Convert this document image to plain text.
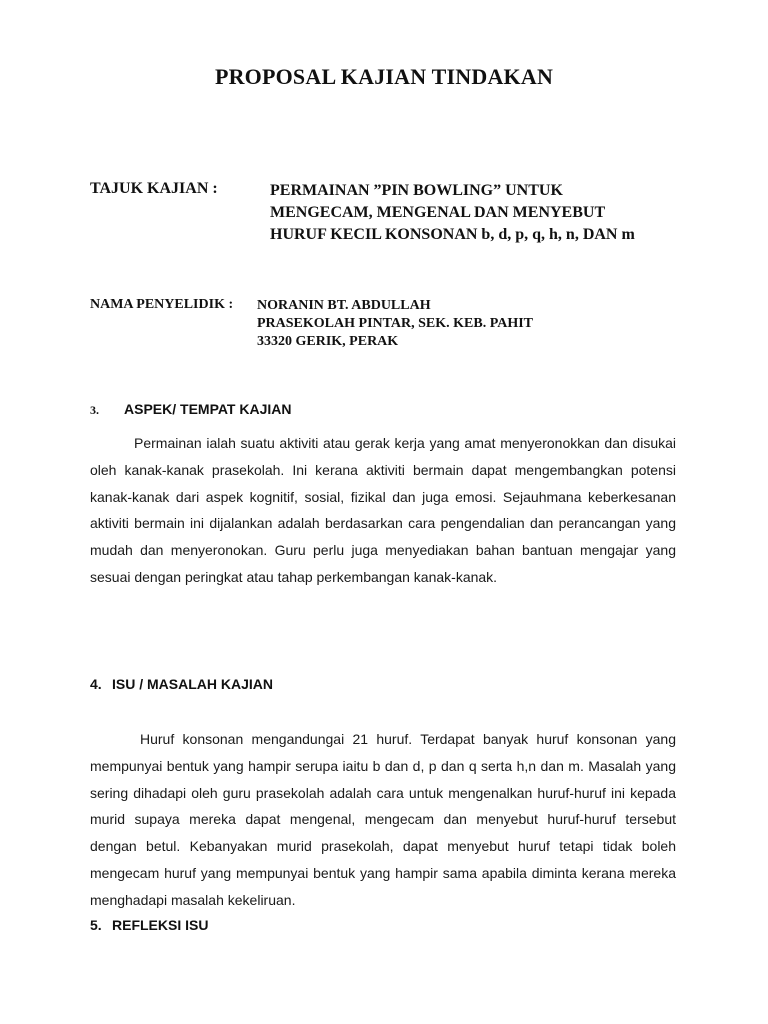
PROPOSAL KAJIAN TINDAKAN
TAJUK KAJIAN :	PERMAINAN ”PIN BOWLING” UNTUK
MENGECAM, MENGENAL DAN MENYEBUT
HURUF KECIL KONSONAN b, d, p, q, h, n, DAN m
NAMA PENYELIDIK : NORANIN BT. ABDULLAH
PRASEKOLAH PINTAR, SEK. KEB. PAHIT
33320 GERIK, PERAK
3. ASPEK/ TEMPAT KAJIAN
Permainan ialah suatu aktiviti atau gerak kerja yang amat menyeronokkan dan disukai oleh kanak-kanak prasekolah. Ini kerana aktiviti bermain dapat mengembangkan potensi kanak-kanak dari aspek kognitif, sosial, fizikal dan juga emosi. Sejauhmana keberkesanan aktiviti bermain ini dijalankan adalah berdasarkan cara pengendalian dan perancangan yang mudah dan menyeronokan. Guru perlu juga menyediakan bahan bantuan mengajar yang sesuai dengan peringkat atau tahap perkembangan kanak-kanak.
4. ISU / MASALAH KAJIAN
Huruf konsonan mengandungai 21 huruf. Terdapat banyak huruf konsonan yang mempunyai bentuk yang hampir serupa iaitu b dan d, p dan q serta h,n dan m. Masalah yang sering dihadapi oleh guru prasekolah adalah cara untuk mengenalkan huruf-huruf ini kepada murid supaya mereka dapat mengenal, mengecam dan menyebut huruf-huruf tersebut dengan betul. Kebanyakan murid prasekolah, dapat menyebut huruf tetapi tidak boleh mengecam huruf yang mempunyai bentuk yang hampir sama apabila diminta kerana mereka menghadapi masalah kekeliruan.
5. REFLEKSI ISU
